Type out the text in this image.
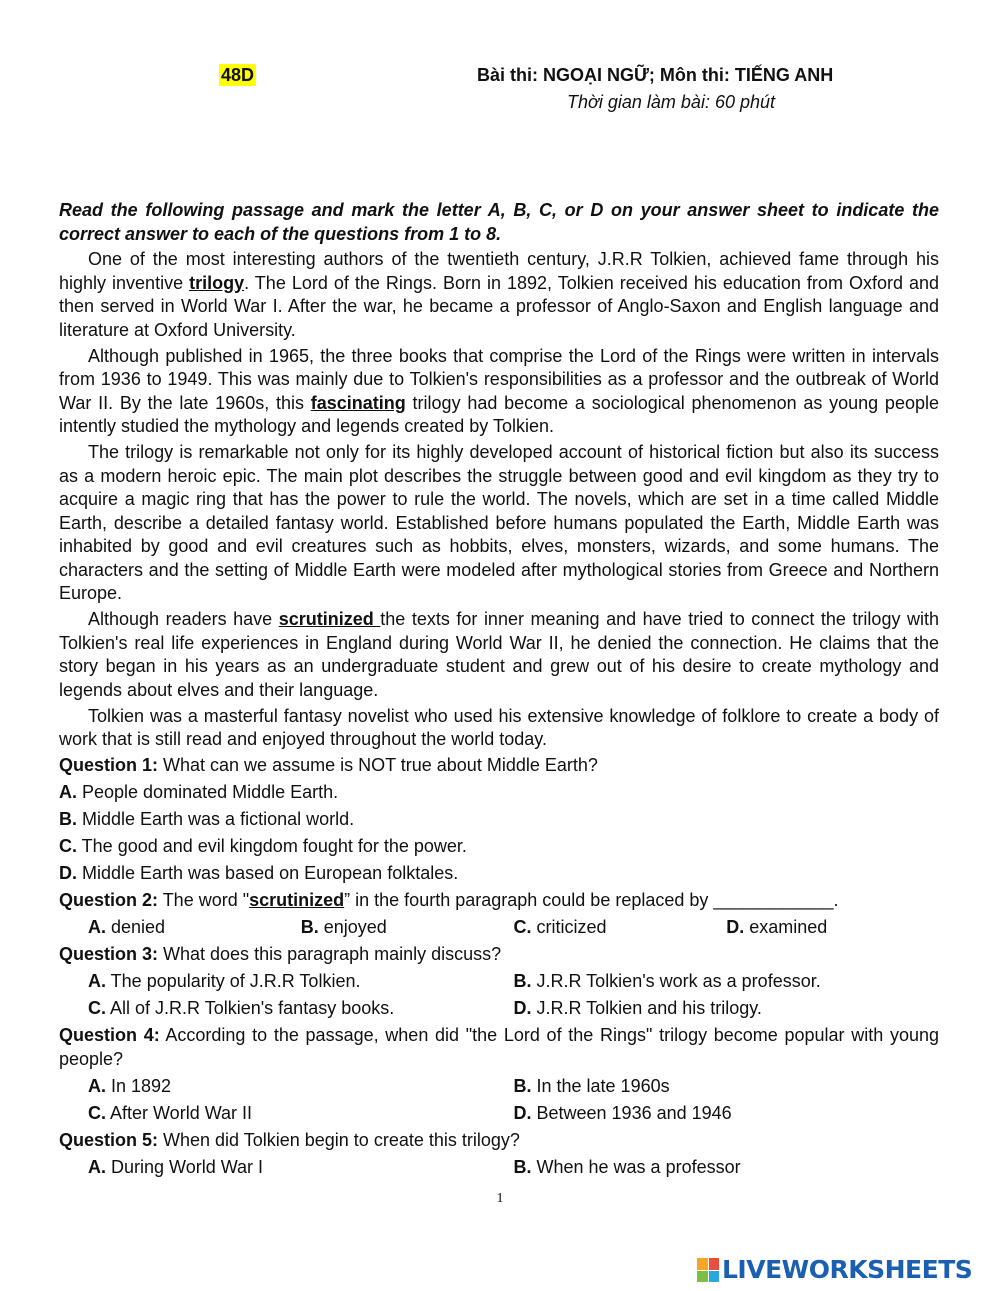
48D	Bài thi: NGOẠI NGỮ; Môn thi: TIẾNG ANH
Thời gian làm bài: 60 phút

Read the following passage and mark the letter A, B, C, or D on your answer sheet to indicate the correct answer to each of the questions from 1 to 8.

One of the most interesting authors of the twentieth century, J.R.R Tolkien, achieved fame through his highly inventive trilogy. The Lord of the Rings. Born in 1892, Tolkien received his education from Oxford and then served in World War I. After the war, he became a professor of Anglo-Saxon and English language and literature at Oxford University.

Although published in 1965, the three books that comprise the Lord of the Rings were written in intervals from 1936 to 1949. This was mainly due to Tolkien's responsibilities as a professor and the outbreak of World War II. By the late 1960s, this fascinating trilogy had become a sociological phenomenon as young people intently studied the mythology and legends created by Tolkien.

The trilogy is remarkable not only for its highly developed account of historical fiction but also its success as a modern heroic epic. The main plot describes the struggle between good and evil kingdom as they try to acquire a magic ring that has the power to rule the world. The novels, which are set in a time called Middle Earth, describe a detailed fantasy world. Established before humans populated the Earth, Middle Earth was inhabited by good and evil creatures such as hobbits, elves, monsters, wizards, and some humans. The characters and the setting of Middle Earth were modeled after mythological stories from Greece and Northern Europe.

Although readers have scrutinized the texts for inner meaning and have tried to connect the trilogy with Tolkien's real life experiences in England during World War II, he denied the connection. He claims that the story began in his years as an undergraduate student and grew out of his desire to create mythology and legends about elves and their language.

Tolkien was a masterful fantasy novelist who used his extensive knowledge of folklore to create a body of work that is still read and enjoyed throughout the world today.

Question 1: What can we assume is NOT true about Middle Earth?
A. People dominated Middle Earth.
B. Middle Earth was a fictional world.
C. The good and evil kingdom fought for the power.
D. Middle Earth was based on European folktales.
Question 2: The word "scrutinized” in the fourth paragraph could be replaced by ____________.
A. denied	B. enjoyed	C. criticized	D. examined
Question 3: What does this paragraph mainly discuss?
A. The popularity of J.R.R Tolkien.	B. J.R.R Tolkien's work as a professor.
C. All of J.R.R Tolkien's fantasy books.	D. J.R.R Tolkien and his trilogy.
Question 4: According to the passage, when did "the Lord of the Rings" trilogy become popular with young people?
A. In 1892	B. In the late 1960s
C. After World War II	D. Between 1936 and 1946
Question 5: When did Tolkien begin to create this trilogy?
A. During World War I	B. When he was a professor
1
LIVEWORKSHEETS
